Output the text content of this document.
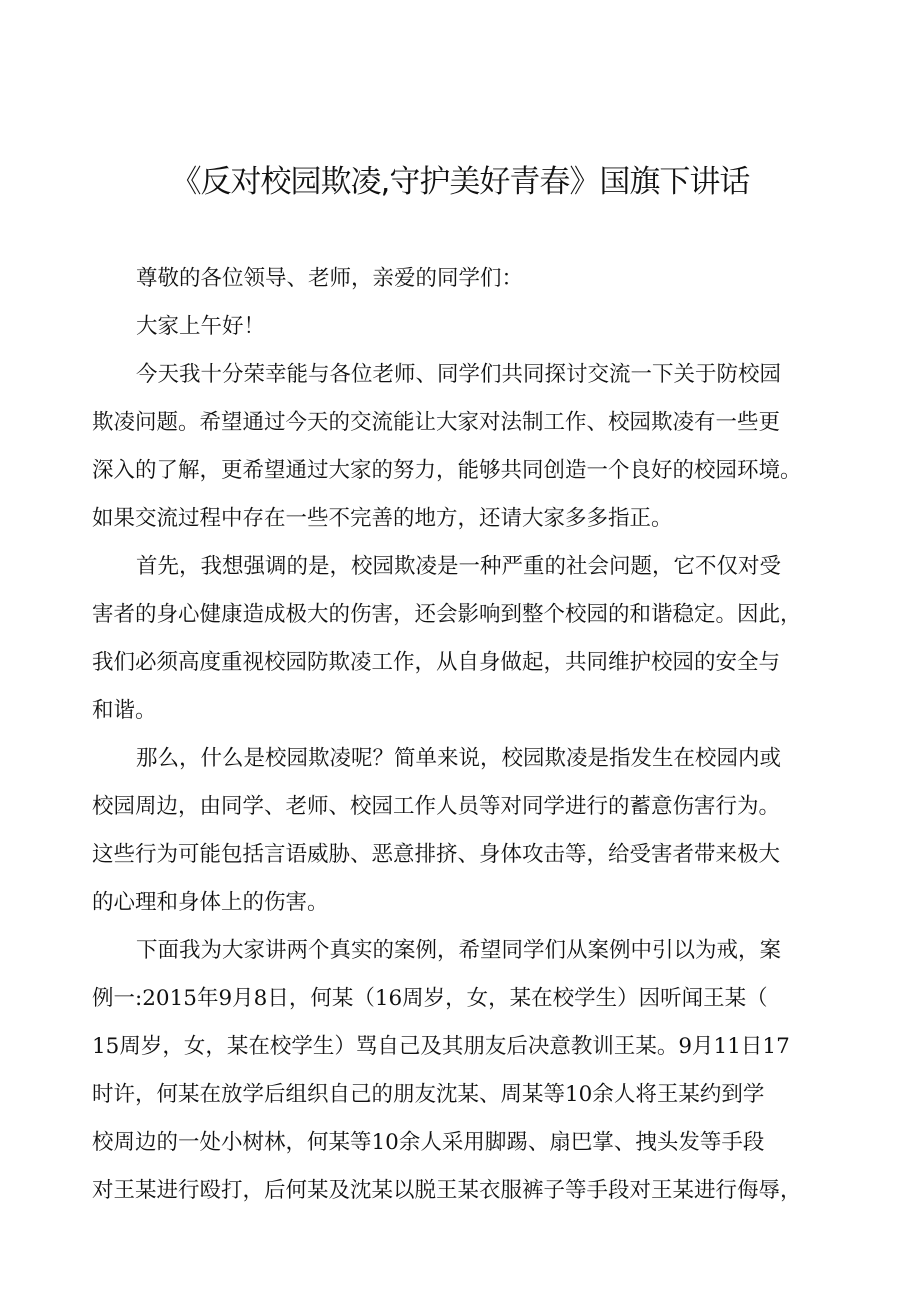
《反对校园欺凌,守护美好青春》国旗下讲话

尊敬的各位领导、老师，亲爱的同学们：

大家上午好！

今天我十分荣幸能与各位老师、同学们共同探讨交流一下关于防校园
欺凌问题。希望通过今天的交流能让大家对法制工作、校园欺凌有一些更
深入的了解，更希望通过大家的努力，能够共同创造一个良好的校园环境。
如果交流过程中存在一些不完善的地方，还请大家多多指正。

首先，我想强调的是，校园欺凌是一种严重的社会问题，它不仅对受
害者的身心健康造成极大的伤害，还会影响到整个校园的和谐稳定。因此，
我们必须高度重视校园防欺凌工作，从自身做起，共同维护校园的安全与
和谐。

那么，什么是校园欺凌呢？简单来说，校园欺凌是指发生在校园内或
校园周边，由同学、老师、校园工作人员等对同学进行的蓄意伤害行为。
这些行为可能包括言语威胁、恶意排挤、身体攻击等，给受害者带来极大
的心理和身体上的伤害。

下面我为大家讲两个真实的案例，希望同学们从案例中引以为戒，案
例一:2015年9月8日，何某（16周岁，女，某在校学生）因听闻王某（
15周岁，女，某在校学生）骂自己及其朋友后决意教训王某。9月11日17
时许，何某在放学后组织自己的朋友沈某、周某等10余人将王某约到学
校周边的一处小树林，何某等10余人采用脚踢、扇巴掌、拽头发等手段
对王某进行殴打，后何某及沈某以脱王某衣服裤子等手段对王某进行侮辱，
